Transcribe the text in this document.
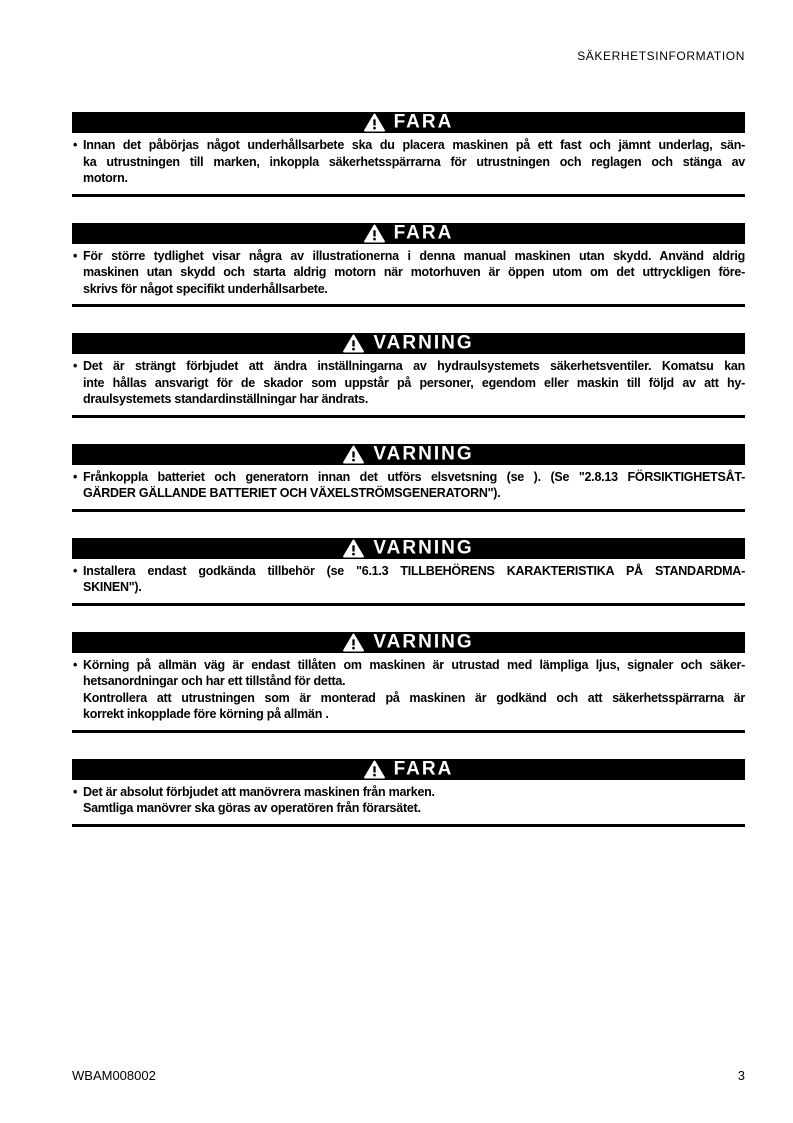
SÄKERHETSINFORMATION
FARA
• Innan det påbörjas något underhållsarbete ska du placera maskinen på ett fast och jämnt underlag, sän-
ka utrustningen till marken, inkoppla säkerhetsspärrarna för utrustningen och reglagen och stänga av
motorn.
FARA
• För större tydlighet visar några av illustrationerna i denna manual maskinen utan skydd. Använd aldrig
maskinen utan skydd och starta aldrig motorn när motorhuven är öppen utom om det uttryckligen före-
skrivs för något specifikt underhållsarbete.
VARNING
• Det är strängt förbjudet att ändra inställningarna av hydraulsystemets säkerhetsventiler. Komatsu kan
inte hållas ansvarigt för de skador som uppstår på personer, egendom eller maskin till följd av att hy-
draulsystemets standardinställningar har ändrats.
VARNING
• Frånkoppla batteriet och generatorn innan det utförs elsvetsning (se ). (Se "2.8.13 FÖRSIKTIGHETSÅT-
GÄRDER GÄLLANDE BATTERIET OCH VÄXELSTRÖMSGENERATORN").
VARNING
• Installera endast godkända tillbehör (se "6.1.3 TILLBEHÖRENS KARAKTERISTIKA PÅ STANDARDMA-
SKINEN").
VARNING
• Körning på allmän väg är endast tillåten om maskinen är utrustad med lämpliga ljus, signaler och säker-
hetsanordningar och har ett tillstånd för detta.
Kontrollera att utrustningen som är monterad på maskinen är godkänd och att säkerhetsspärrarna är
korrekt inkopplade före körning på allmän .
FARA
• Det är absolut förbjudet att manövrera maskinen från marken.
Samtliga manövrer ska göras av operatören från förarsätet.
WBAM008002	3
